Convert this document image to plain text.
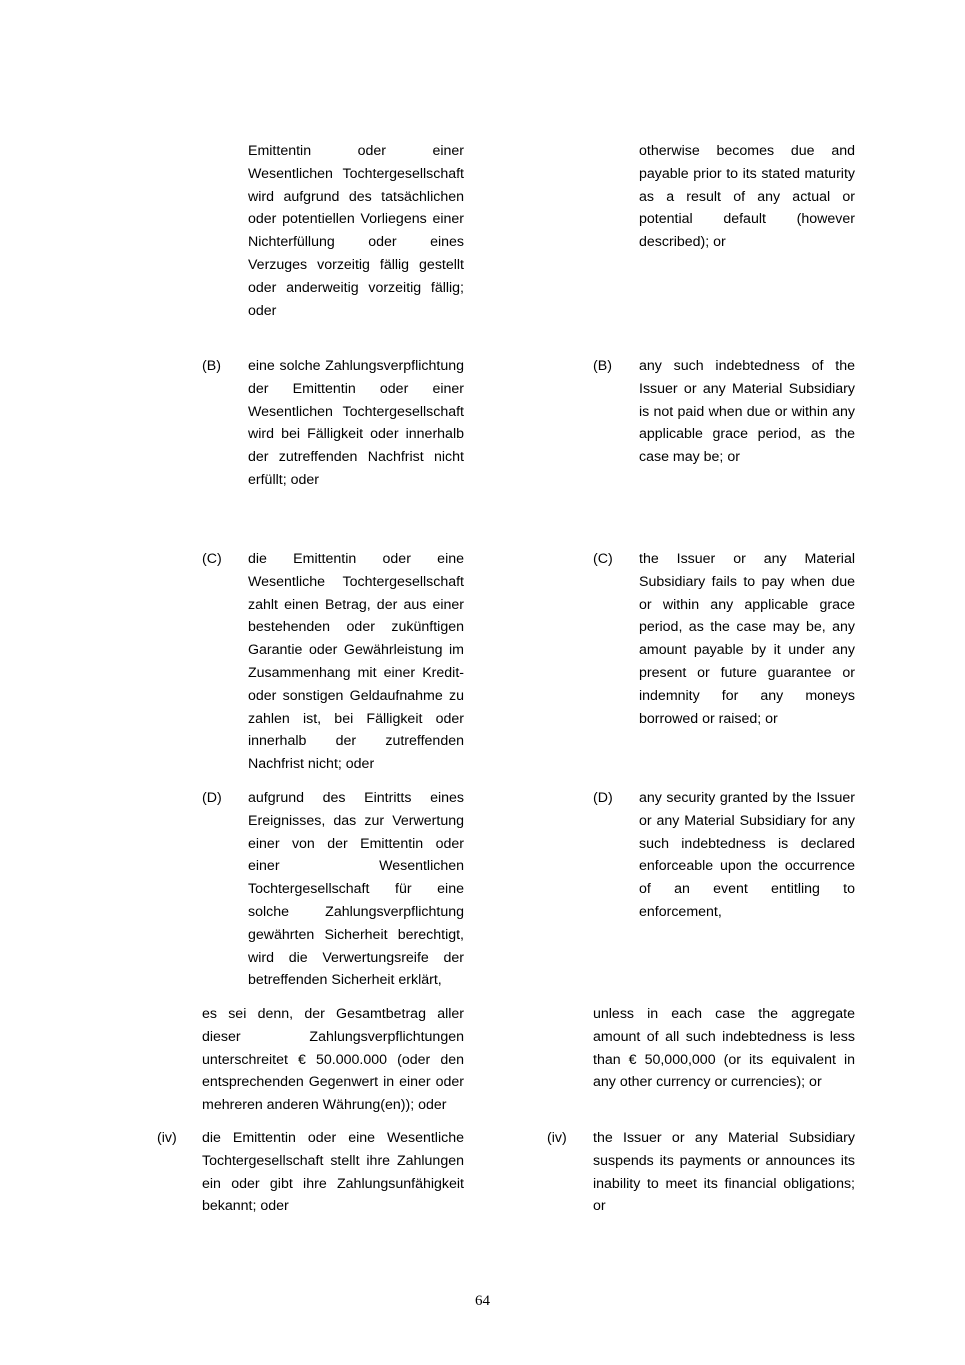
Emittentin oder einer Wesentlichen Tochtergesellschaft wird aufgrund des tatsächlichen oder potentiellen Vorliegens einer Nichterfüllung oder eines Verzuges vorzeitig fällig gestellt oder anderweitig vorzeitig fällig; oder
(B) eine solche Zahlungsverpflichtung der Emittentin oder einer Wesentlichen Tochtergesellschaft wird bei Fälligkeit oder innerhalb der zutreffenden Nachfrist nicht erfüllt; oder
(C) die Emittentin oder eine Wesentliche Tochtergesellschaft zahlt einen Betrag, der aus einer bestehenden oder zukünftigen Garantie oder Gewährleistung im Zusammenhang mit einer Kredit- oder sonstigen Geldaufnahme zu zahlen ist, bei Fälligkeit oder innerhalb der zutreffenden Nachfrist nicht; oder
(D) aufgrund des Eintritts eines Ereignisses, das zur Verwertung einer von der Emittentin oder einer Wesentlichen Tochtergesellschaft für eine solche Zahlungsverpflichtung gewährten Sicherheit berechtigt, wird die Verwertungsreife der betreffenden Sicherheit erklärt,
es sei denn, der Gesamtbetrag aller dieser Zahlungsverpflichtungen unterschreitet € 50.000.000 (oder den entsprechenden Gegenwert in einer oder mehreren anderen Währung(en)); oder
(iv) die Emittentin oder eine Wesentliche Tochtergesellschaft stellt ihre Zahlungen ein oder gibt ihre Zahlungsunfähigkeit bekannt; oder
otherwise becomes due and payable prior to its stated maturity as a result of any actual or potential default (however described); or
(B) any such indebtedness of the Issuer or any Material Subsidiary is not paid when due or within any applicable grace period, as the case may be; or
(C) the Issuer or any Material Subsidiary fails to pay when due or within any applicable grace period, as the case may be, any amount payable by it under any present or future guarantee or indemnity for any moneys borrowed or raised; or
(D) any security granted by the Issuer or any Material Subsidiary for any such indebtedness is declared enforceable upon the occurrence of an event entitling to enforcement,
unless in each case the aggregate amount of all such indebtedness is less than € 50,000,000 (or its equivalent in any other currency or currencies); or
(iv) the Issuer or any Material Subsidiary suspends its payments or announces its inability to meet its financial obligations; or
64
